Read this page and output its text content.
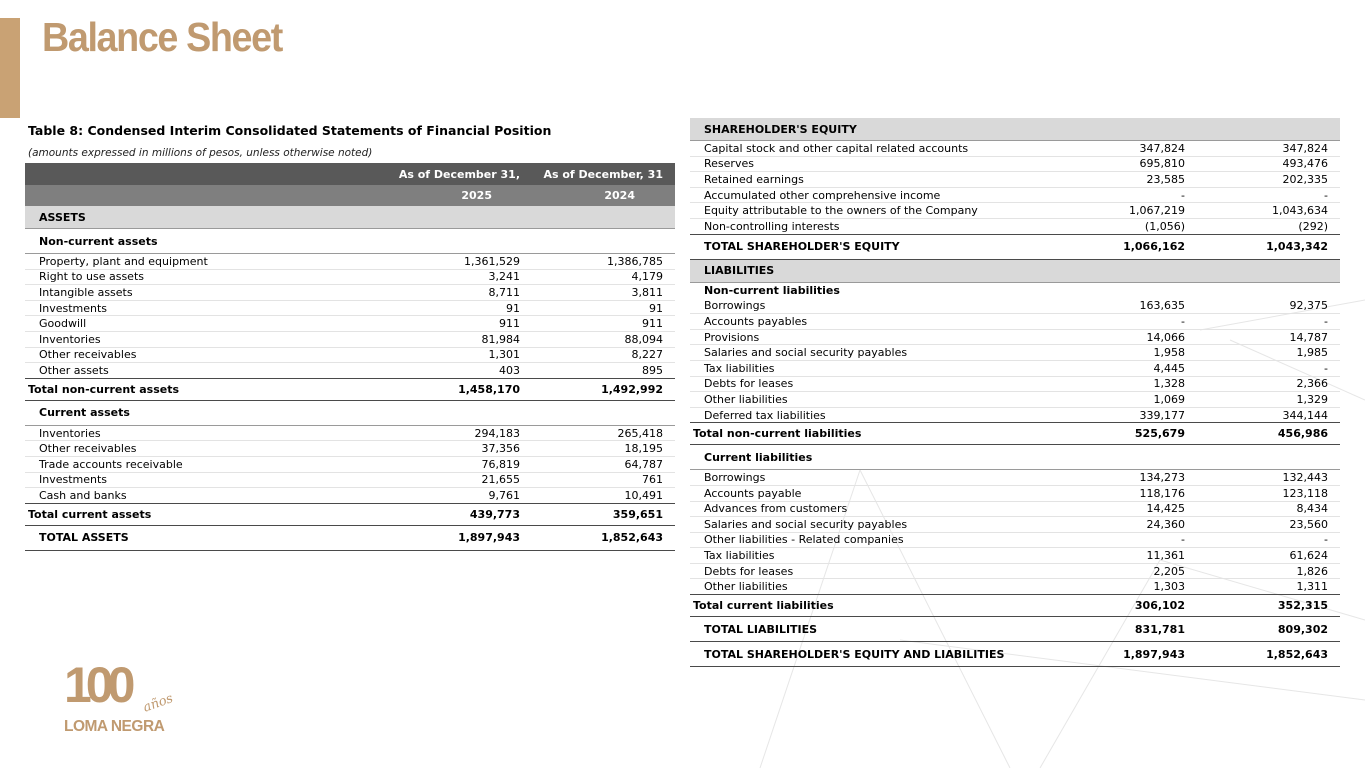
Balance Sheet
Table 8: Condensed Interim Consolidated Statements of Financial Position
(amounts expressed in millions of pesos, unless otherwise noted)
	As of December 31,	As of December, 31
	2025	2024
ASSETS		
Non-current assets		
Property, plant and equipment	1,361,529	1,386,785
Right to use assets	3,241	4,179
Intangible assets	8,711	3,811
Investments	91	91
Goodwill	911	911
Inventories	81,984	88,094
Other receivables	1,301	8,227
Other assets	403	895
Total non-current assets	1,458,170	1,492,992
Current assets		
Inventories	294,183	265,418
Other receivables	37,356	18,195
Trade accounts receivable	76,819	64,787
Investments	21,655	761
Cash and banks	9,761	10,491
Total current assets	439,773	359,651
TOTAL ASSETS	1,897,943	1,852,643
SHAREHOLDER'S EQUITY		
Capital stock and other capital related accounts	347,824	347,824
Reserves	695,810	493,476
Retained earnings	23,585	202,335
Accumulated other comprehensive income	-	-
Equity attributable to the owners of the Company	1,067,219	1,043,634
Non-controlling interests	(1,056)	(292)
TOTAL SHAREHOLDER'S EQUITY	1,066,162	1,043,342
LIABILITIES		
Non-current liabilities		
Borrowings	163,635	92,375
Accounts payables	-	-
Provisions	14,066	14,787
Salaries and social security payables	1,958	1,985
Tax liabilities	4,445	-
Debts for leases	1,328	2,366
Other liabilities	1,069	1,329
Deferred tax liabilities	339,177	344,144
Total non-current liabilities	525,679	456,986
Current liabilities		
Borrowings	134,273	132,443
Accounts payable	118,176	123,118
Advances from customers	14,425	8,434
Salaries and social security payables	24,360	23,560
Other liabilities - Related companies	-	-
Tax liabilities	11,361	61,624
Debts for leases	2,205	1,826
Other liabilities	1,303	1,311
Total current liabilities	306,102	352,315
TOTAL LIABILITIES	831,781	809,302
TOTAL SHAREHOLDER'S EQUITY AND LIABILITIES	1,897,943	1,852,643
100 años
LOMA NEGRA
